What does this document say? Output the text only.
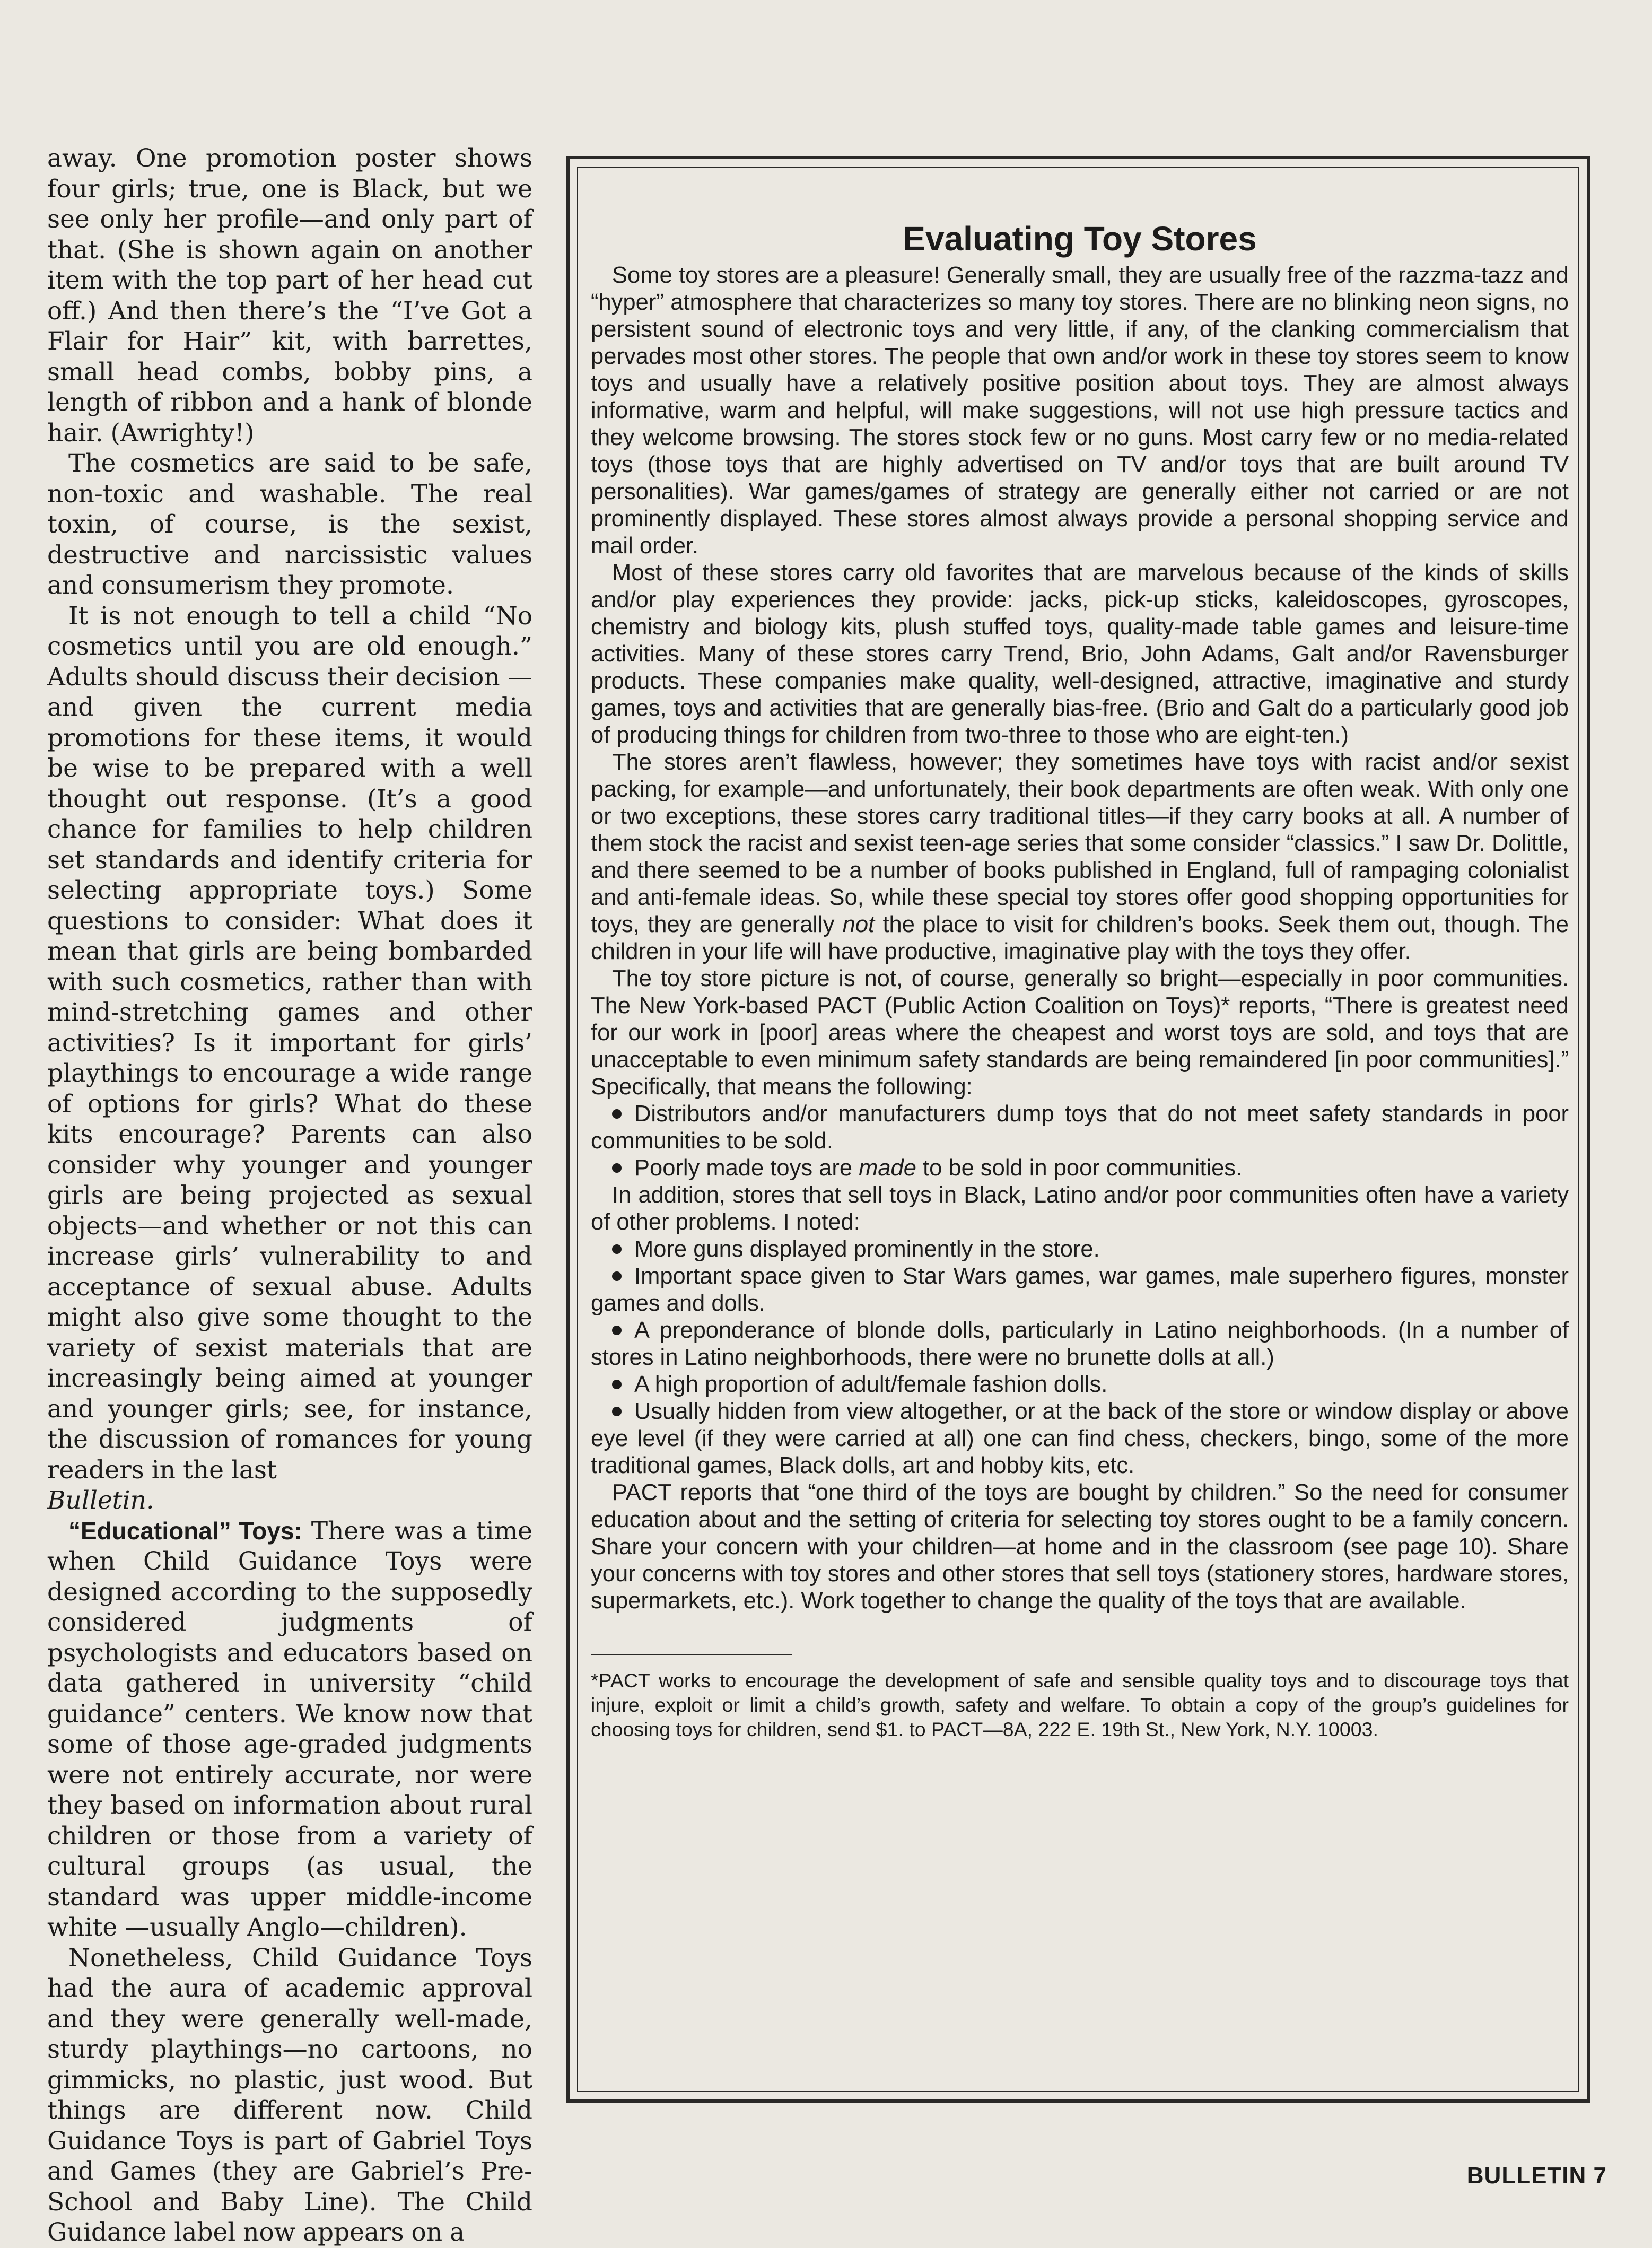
away. One promotion poster shows four girls; true, one is Black, but we see only her profile—and only part of that. (She is shown again on another item with the top part of her head cut off.) And then there’s the “I’ve Got a Flair for Hair” kit, with barrettes, small head combs, bobby pins, a length of ribbon and a hank of blonde hair. (Awrighty!)

The cosmetics are said to be safe, non-toxic and washable. The real toxin, of course, is the sexist, destructive and narcissistic values and consumerism they promote.

It is not enough to tell a child “No cosmetics until you are old enough.” Adults should discuss their decision —and given the current media promotions for these items, it would be wise to be prepared with a well thought out response. (It’s a good chance for families to help children set standards and identify criteria for selecting appropriate toys.) Some questions to consider: What does it mean that girls are being bombarded with such cosmetics, rather than with mind-stretching games and other activities? Is it important for girls’ playthings to encourage a wide range of options for girls? What do these kits encourage? Parents can also consider why younger and younger girls are being projected as sexual objects—and whether or not this can increase girls’ vulnerability to and acceptance of sexual abuse. Adults might also give some thought to the variety of sexist materials that are increasingly being aimed at younger and younger girls; see, for instance, the discussion of romances for young readers in the last

Bulletin.

“Educational” Toys: There was a time when Child Guidance Toys were designed according to the supposedly considered judgments of psychologists and educators based on data gathered in university “child guidance” centers. We know now that some of those age-graded judgments were not entirely accurate, nor were they based on information about rural children or those from a variety of cultural groups (as usual, the standard was upper middle-income white —usually Anglo—children).

Nonetheless, Child Guidance Toys had the aura of academic approval and they were generally well-made, sturdy playthings—no cartoons, no gimmicks, no plastic, just wood. But things are different now. Child Guidance Toys is part of Gabriel Toys and Games (they are Gabriel’s Pre-School and Baby Line). The Child Guidance label now appears on a

Evaluating Toy Stores

Some toy stores are a pleasure! Generally small, they are usually free of the razzma-tazz and “hyper” atmosphere that characterizes so many toy stores. There are no blinking neon signs, no persistent sound of electronic toys and very little, if any, of the clanking commercialism that pervades most other stores. The people that own and/or work in these toy stores seem to know toys and usually have a relatively positive position about toys. They are almost always informative, warm and helpful, will make suggestions, will not use high pressure tactics and they welcome browsing. The stores stock few or no guns. Most carry few or no media-related toys (those toys that are highly advertised on TV and/or toys that are built around TV personalities). War games/games of strategy are generally either not carried or are not prominently displayed. These stores almost always provide a personal shopping service and mail order.

Most of these stores carry old favorites that are marvelous because of the kinds of skills and/or play experiences they provide: jacks, pick-up sticks, kaleidoscopes, gyroscopes, chemistry and biology kits, plush stuffed toys, quality-made table games and leisure-time activities. Many of these stores carry Trend, Brio, John Adams, Galt and/or Ravensburger products. These companies make quality, well-designed, attractive, imaginative and sturdy games, toys and activities that are generally bias-free. (Brio and Galt do a particularly good job of producing things for children from two-three to those who are eight-ten.)

The stores aren’t flawless, however; they sometimes have toys with racist and/or sexist packing, for example—and unfortunately, their book departments are often weak. With only one or two exceptions, these stores carry traditional titles—if they carry books at all. A number of them stock the racist and sexist teen-age series that some consider “classics.” I saw Dr. Dolittle, and there seemed to be a number of books published in England, full of rampaging colonialist and anti-female ideas. So, while these special toy stores offer good shopping opportunities for toys, they are generally not the place to visit for children’s books. Seek them out, though. The children in your life will have productive, imaginative play with the toys they offer.

The toy store picture is not, of course, generally so bright—especially in poor communities. The New York-based PACT (Public Action Coalition on Toys)* reports, “There is greatest need for our work in [poor] areas where the cheapest and worst toys are sold, and toys that are unacceptable to even minimum safety standards are being remaindered [in poor communities].” Specifically, that means the following:

Distributors and/or manufacturers dump toys that do not meet safety standards in poor communities to be sold.

Poorly made toys are made to be sold in poor communities.

In addition, stores that sell toys in Black, Latino and/or poor communities often have a variety of other problems. I noted:

More guns displayed prominently in the store.

Important space given to Star Wars games, war games, male superhero figures, monster games and dolls.

A preponderance of blonde dolls, particularly in Latino neighborhoods. (In a number of stores in Latino neighborhoods, there were no brunette dolls at all.)

A high proportion of adult/female fashion dolls.

Usually hidden from view altogether, or at the back of the store or window display or above eye level (if they were carried at all) one can find chess, checkers, bingo, some of the more traditional games, Black dolls, art and hobby kits, etc.

PACT reports that “one third of the toys are bought by children.” So the need for consumer education about and the setting of criteria for selecting toy stores ought to be a family concern. Share your concern with your children—at home and in the classroom (see page 10). Share your concerns with toy stores and other stores that sell toys (stationery stores, hardware stores, supermarkets, etc.). Work together to change the quality of the toys that are available.

*PACT works to encourage the development of safe and sensible quality toys and to discourage toys that injure, exploit or limit a child’s growth, safety and welfare. To obtain a copy of the group’s guidelines for choosing toys for children, send $1. to PACT—8A, 222 E. 19th St., New York, N.Y. 10003.

BULLETIN 7
